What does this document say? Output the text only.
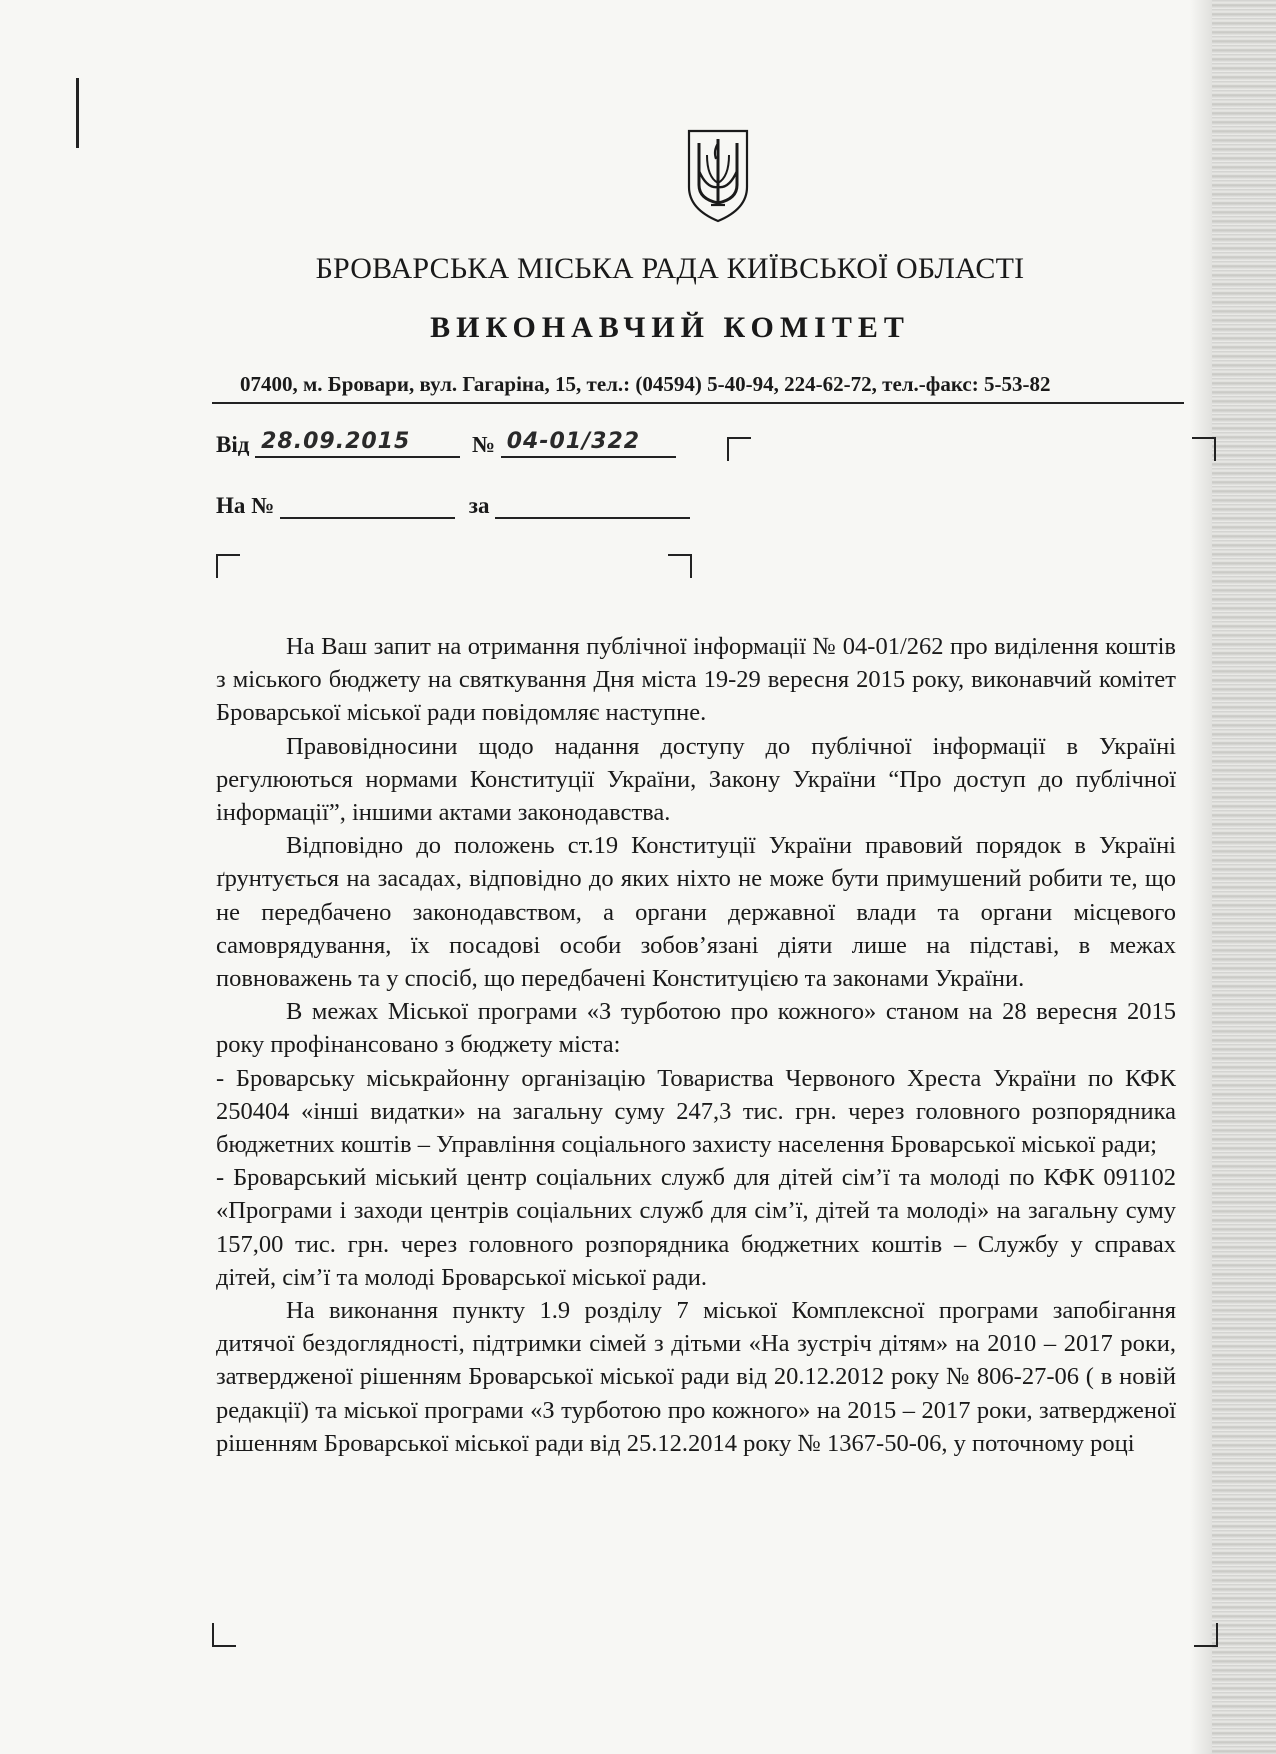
БРОВАРСЬКА МІСЬКА РАДА КИЇВСЬКОЇ ОБЛАСТІ
ВИКОНАВЧИЙ КОМІТЕТ
07400, м. Бровари, вул. Гагаріна, 15, тел.: (04594) 5-40-94, 224-62-72, тел.-факс: 5-53-82
Від 28.09.2015	№ 04-01/322
На №	за

На Ваш запит на отримання публічної інформації № 04-01/262 про виділення коштів з міського бюджету на святкування Дня міста 19-29 вересня 2015 року, виконавчий комітет Броварської міської ради повідомляє наступне.

Правовідносини щодо надання доступу до публічної інформації в Україні регулюються нормами Конституції України, Закону України “Про доступ до публічної інформації”, іншими актами законодавства.

Відповідно до положень ст.19 Конституції України правовий порядок в Україні ґрунтується на засадах, відповідно до яких ніхто не може бути примушений робити те, що не передбачено законодавством, а органи державної влади та органи місцевого самоврядування, їх посадові особи зобов’язані діяти лише на підставі, в межах повноважень та у спосіб, що передбачені Конституцією та законами України.

В межах Міської програми «З турботою про кожного» станом на 28 вересня 2015 року профінансовано з бюджету міста:

- Броварську міськрайонну організацію Товариства Червоного Хреста України по КФК 250404 «інші видатки» на загальну суму 247,3 тис. грн. через головного розпорядника бюджетних коштів – Управління соціального захисту населення Броварської міської ради;

- Броварський міський центр соціальних служб для дітей сім’ї та молоді по КФК 091102 «Програми і заходи центрів соціальних служб для сім’ї, дітей та молоді» на загальну суму 157,00 тис. грн. через головного розпорядника бюджетних коштів – Службу у справах дітей, сім’ї та молоді Броварської міської ради.

На виконання пункту 1.9 розділу 7 міської Комплексної програми запобігання дитячої бездоглядності, підтримки сімей з дітьми «На зустріч дітям» на 2010 – 2017 роки, затвердженої рішенням Броварської міської ради від 20.12.2012 року № 806-27-06 ( в новій редакції) та міської програми «З турботою про кожного» на 2015 – 2017 роки, затвердженої рішенням Броварської міської ради від 25.12.2014 року № 1367-50-06, у поточному році
